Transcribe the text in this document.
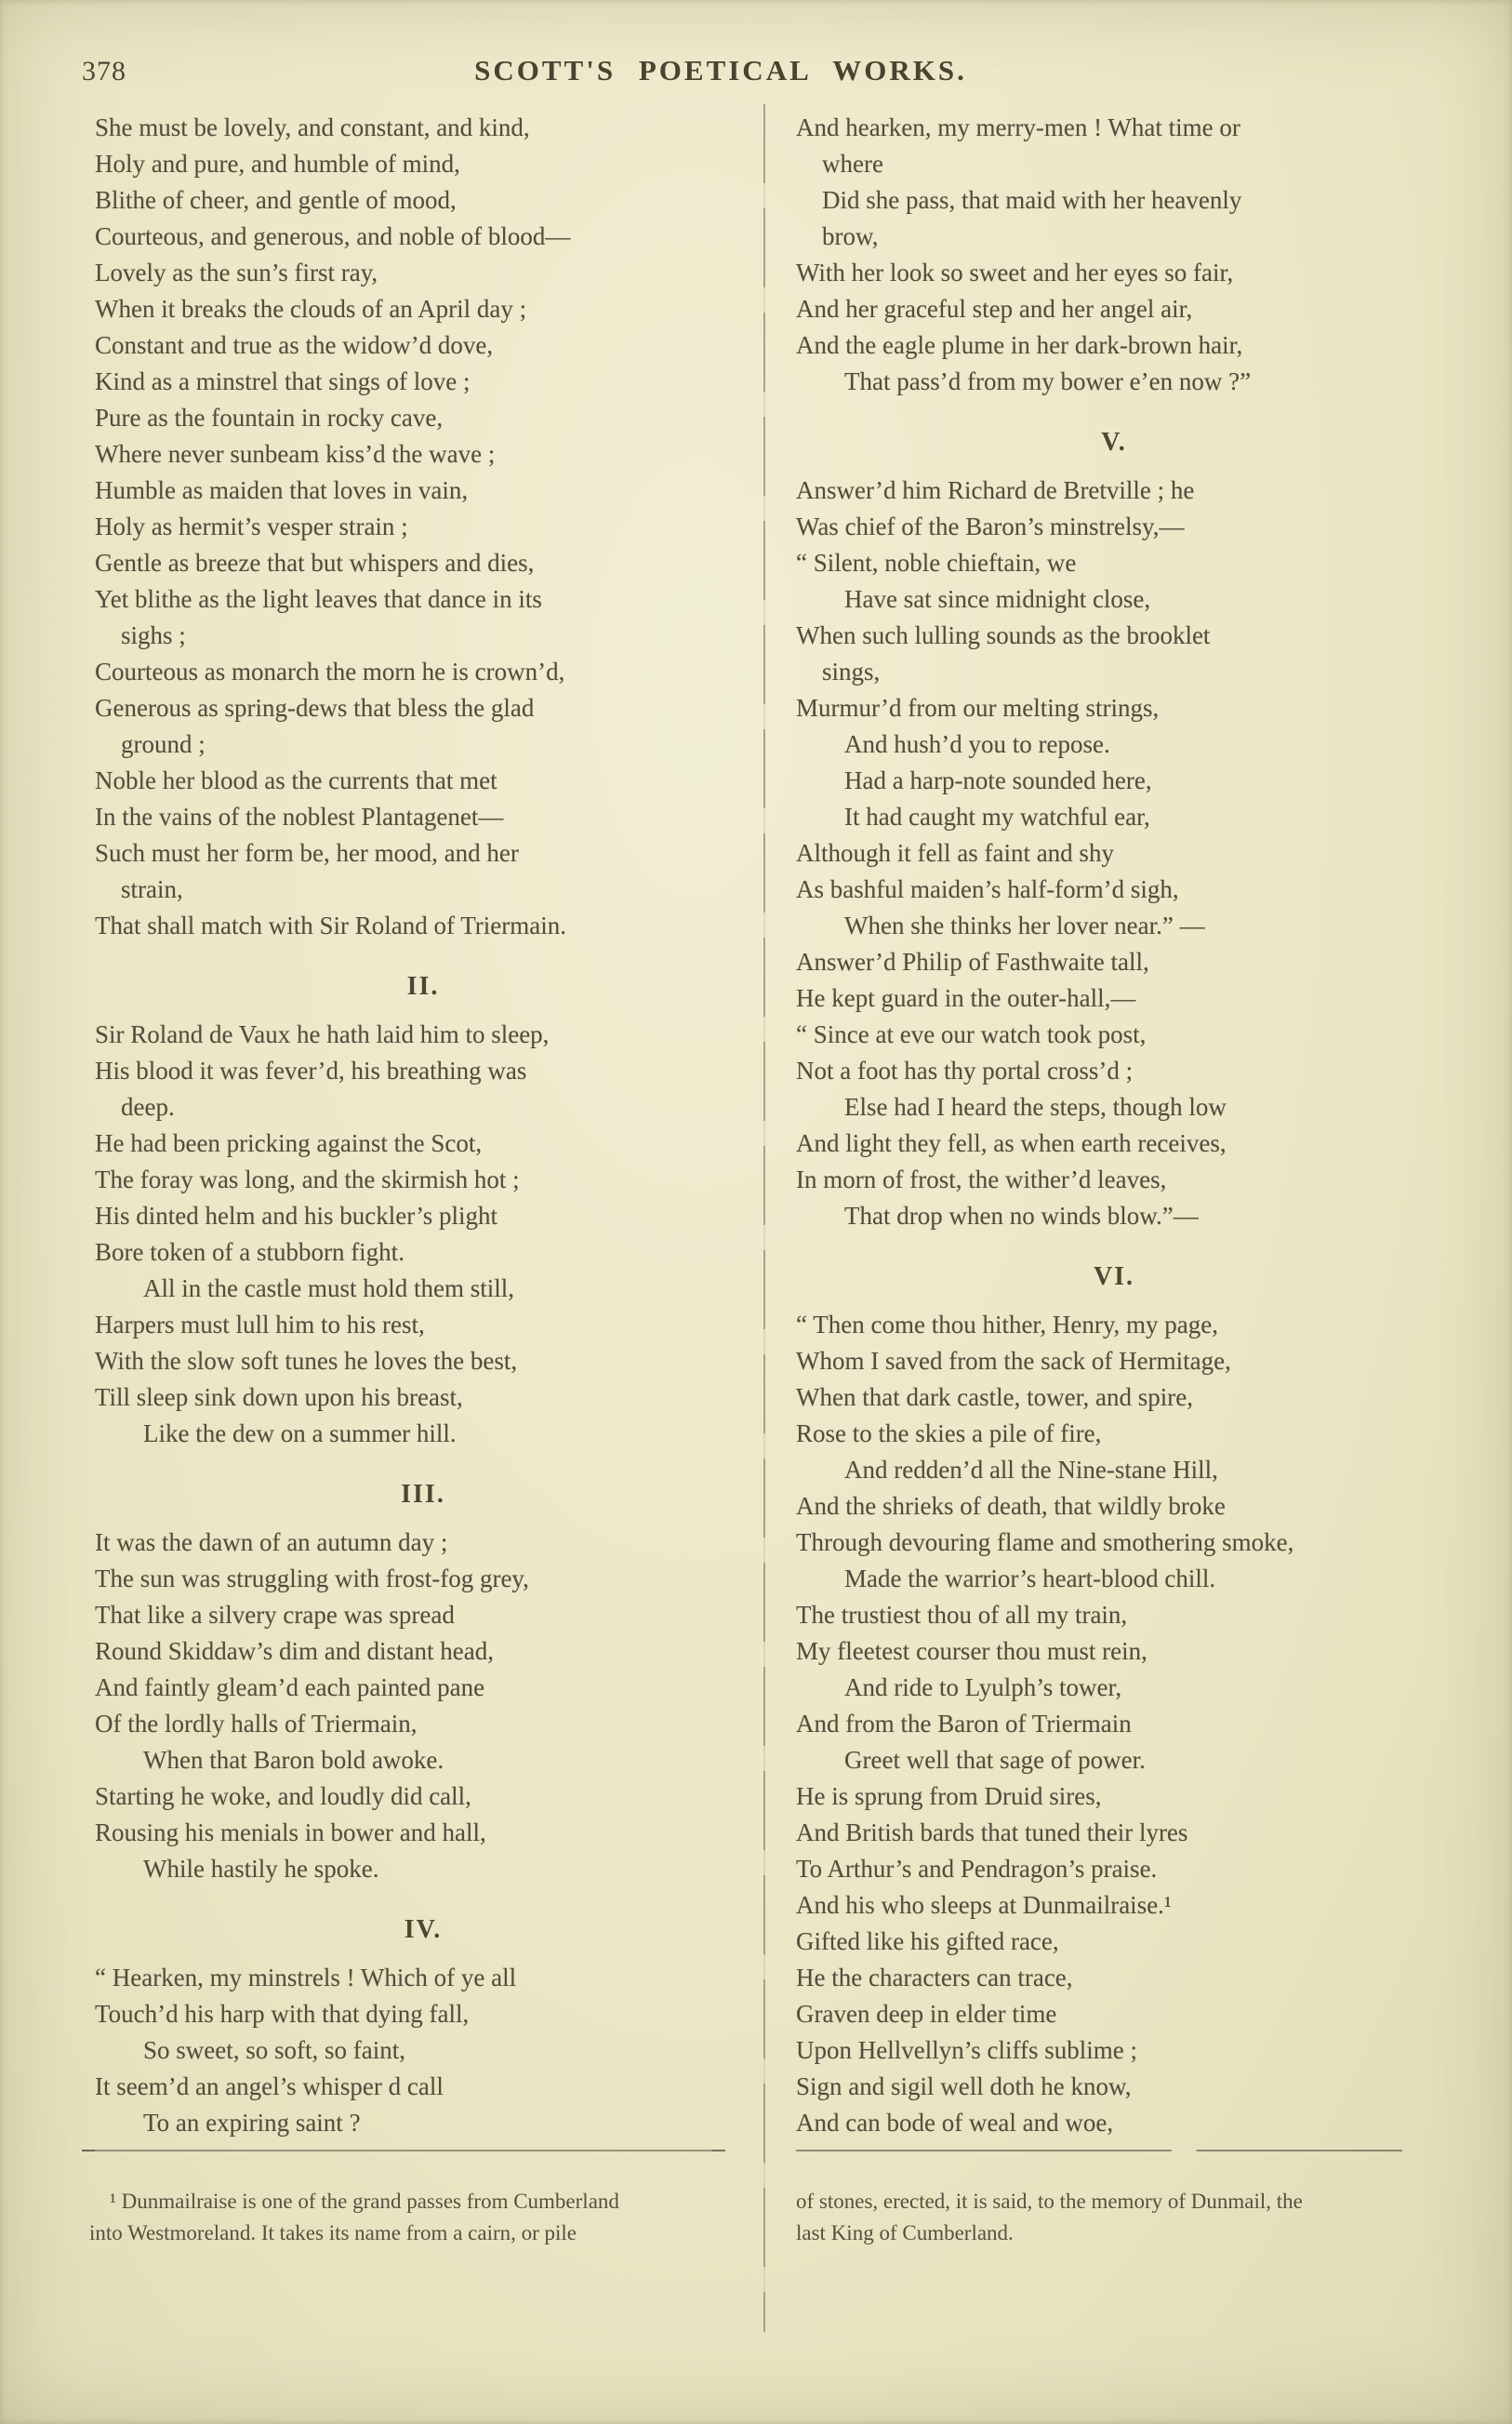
378	SCOTT'S POETICAL WORKS.
She must be lovely, and constant, and kind,
Holy and pure, and humble of mind,
Blithe of cheer, and gentle of mood,
Courteous, and generous, and noble of blood—
Lovely as the sun’s first ray,
When it breaks the clouds of an April day ;
Constant and true as the widow’d dove,
Kind as a minstrel that sings of love ;
Pure as the fountain in rocky cave,
Where never sunbeam kiss’d the wave ;
Humble as maiden that loves in vain,
Holy as hermit’s vesper strain ;
Gentle as breeze that but whispers and dies,
Yet blithe as the light leaves that dance in its
sighs ;
Courteous as monarch the morn he is crown’d,
Generous as spring-dews that bless the glad
ground ;
Noble her blood as the currents that met
In the vains of the noblest Plantagenet—
Such must her form be, her mood, and her
strain,
That shall match with Sir Roland of Triermain.
II.
Sir Roland de Vaux he hath laid him to sleep,
His blood it was fever’d, his breathing was
deep.
He had been pricking against the Scot,
The foray was long, and the skirmish hot ;
His dinted helm and his buckler’s plight
Bore token of a stubborn fight.
All in the castle must hold them still,
Harpers must lull him to his rest,
With the slow soft tunes he loves the best,
Till sleep sink down upon his breast,
Like the dew on a summer hill.
III.
It was the dawn of an autumn day ;
The sun was struggling with frost-fog grey,
That like a silvery crape was spread
Round Skiddaw’s dim and distant head,
And faintly gleam’d each painted pane
Of the lordly halls of Triermain,
When that Baron bold awoke.
Starting he woke, and loudly did call,
Rousing his menials in bower and hall,
While hastily he spoke.
IV.
“ Hearken, my minstrels ! Which of ye all
Touch’d his harp with that dying fall,
So sweet, so soft, so faint,
It seem’d an angel’s whisper d call
To an expiring saint ?
And hearken, my merry-men ! What time or
where
Did she pass, that maid with her heavenly
brow,
With her look so sweet and her eyes so fair,
And her graceful step and her angel air,
And the eagle plume in her dark-brown hair,
That pass’d from my bower e’en now ?”
V.
Answer’d him Richard de Bretville ; he
Was chief of the Baron’s minstrelsy,—
“ Silent, noble chieftain, we
Have sat since midnight close,
When such lulling sounds as the brooklet
sings,
Murmur’d from our melting strings,
And hush’d you to repose.
Had a harp-note sounded here,
It had caught my watchful ear,
Although it fell as faint and shy
As bashful maiden’s half-form’d sigh,
When she thinks her lover near.” —
Answer’d Philip of Fasthwaite tall,
He kept guard in the outer-hall,—
“ Since at eve our watch took post,
Not a foot has thy portal cross’d ;
Else had I heard the steps, though low
And light they fell, as when earth receives,
In morn of frost, the wither’d leaves,
That drop when no winds blow.”—
VI.
“ Then come thou hither, Henry, my page,
Whom I saved from the sack of Hermitage,
When that dark castle, tower, and spire,
Rose to the skies a pile of fire,
And redden’d all the Nine-stane Hill,
And the shrieks of death, that wildly broke
Through devouring flame and smothering smoke,
Made the warrior’s heart-blood chill.
The trustiest thou of all my train,
My fleetest courser thou must rein,
And ride to Lyulph’s tower,
And from the Baron of Triermain
Greet well that sage of power.
He is sprung from Druid sires,
And British bards that tuned their lyres
To Arthur’s and Pendragon’s praise.
And his who sleeps at Dunmailraise.¹
Gifted like his gifted race,
He the characters can trace,
Graven deep in elder time
Upon Hellvellyn’s cliffs sublime ;
Sign and sigil well doth he know,
And can bode of weal and woe,
¹ Dunmailraise is one of the grand passes from Cumberland
into Westmoreland. It takes its name from a cairn, or pile
of stones, erected, it is said, to the memory of Dunmail, the
last King of Cumberland.
